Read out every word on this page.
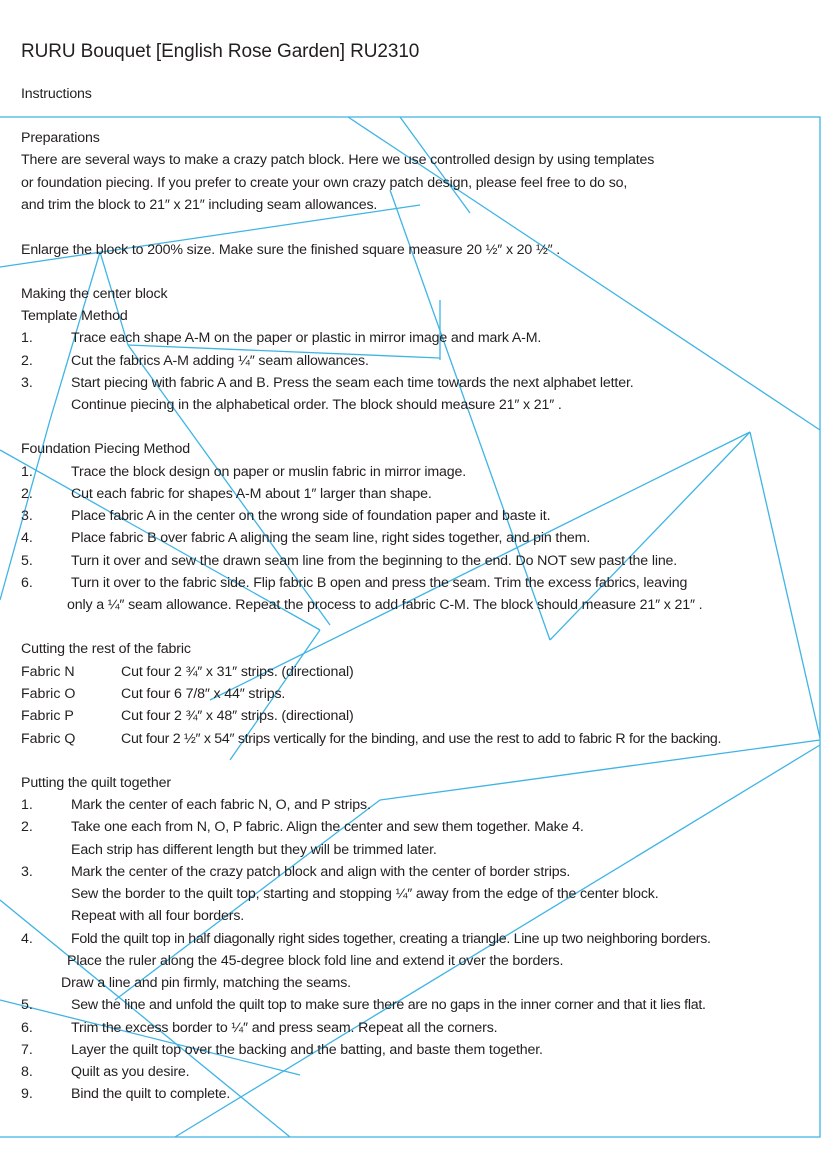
RURU Bouquet [English Rose Garden] RU2310
Instructions
Preparations
There are several ways to make a crazy patch block. Here we use controlled design by using templates
or foundation piecing. If you prefer to create your own crazy patch design, please feel free to do so,
and trim the block to 21″ x 21″ including seam allowances.
Enlarge the block to 200% size. Make sure the finished square measure 20 ½″ x 20 ½″ .
Making the center block
Template Method
1.	Trace each shape A-M on the paper or plastic in mirror image and mark A-M.
2.	Cut the fabrics A-M adding ¼″ seam allowances.
3.	Start piecing with fabric A and B. Press the seam each time towards the next alphabet letter.
Continue piecing in the alphabetical order. The block should measure 21″ x 21″ .
Foundation Piecing Method
1.	Trace the block design on paper or muslin fabric in mirror image.
2.	Cut each fabric for shapes A-M about 1″ larger than shape.
3.	Place fabric A in the center on the wrong side of foundation paper and baste it.
4.	Place fabric B over fabric A aligning the seam line, right sides together, and pin them.
5.	Turn it over and sew the drawn seam line from the beginning to the end. Do NOT sew past the line.
6.	Turn it over to the fabric side. Flip fabric B open and press the seam. Trim the excess fabrics, leaving
only a ¼″ seam allowance. Repeat the process to add fabric C-M. The block should measure 21″ x 21″ .
Cutting the rest of the fabric
Fabric N	Cut four 2 ¾″ x 31″ strips. (directional)
Fabric O	Cut four 6 7/8″ x 44″ strips.
Fabric P	Cut four 2 ¾″ x 48″ strips. (directional)
Fabric Q	Cut four 2 ½″ x 54″ strips vertically for the binding, and use the rest to add to fabric R for the backing.
Putting the quilt together
1.	Mark the center of each fabric N, O, and P strips.
2.	Take one each from N, O, P fabric. Align the center and sew them together. Make 4.
Each strip has different length but they will be trimmed later.
3.	Mark the center of the crazy patch block and align with the center of border strips.
Sew the border to the quilt top, starting and stopping ¼″ away from the edge of the center block.
Repeat with all four borders.
4.	Fold the quilt top in half diagonally right sides together, creating a triangle. Line up two neighboring borders.
Place the ruler along the 45-degree block fold line and extend it over the borders.
Draw a line and pin firmly, matching the seams.
5.	Sew the line and unfold the quilt top to make sure there are no gaps in the inner corner and that it lies flat.
6.	Trim the excess border to ¼″ and press seam. Repeat all the corners.
7.	Layer the quilt top over the backing and the batting, and baste them together.
8.	Quilt as you desire.
9.	Bind the quilt to complete.
